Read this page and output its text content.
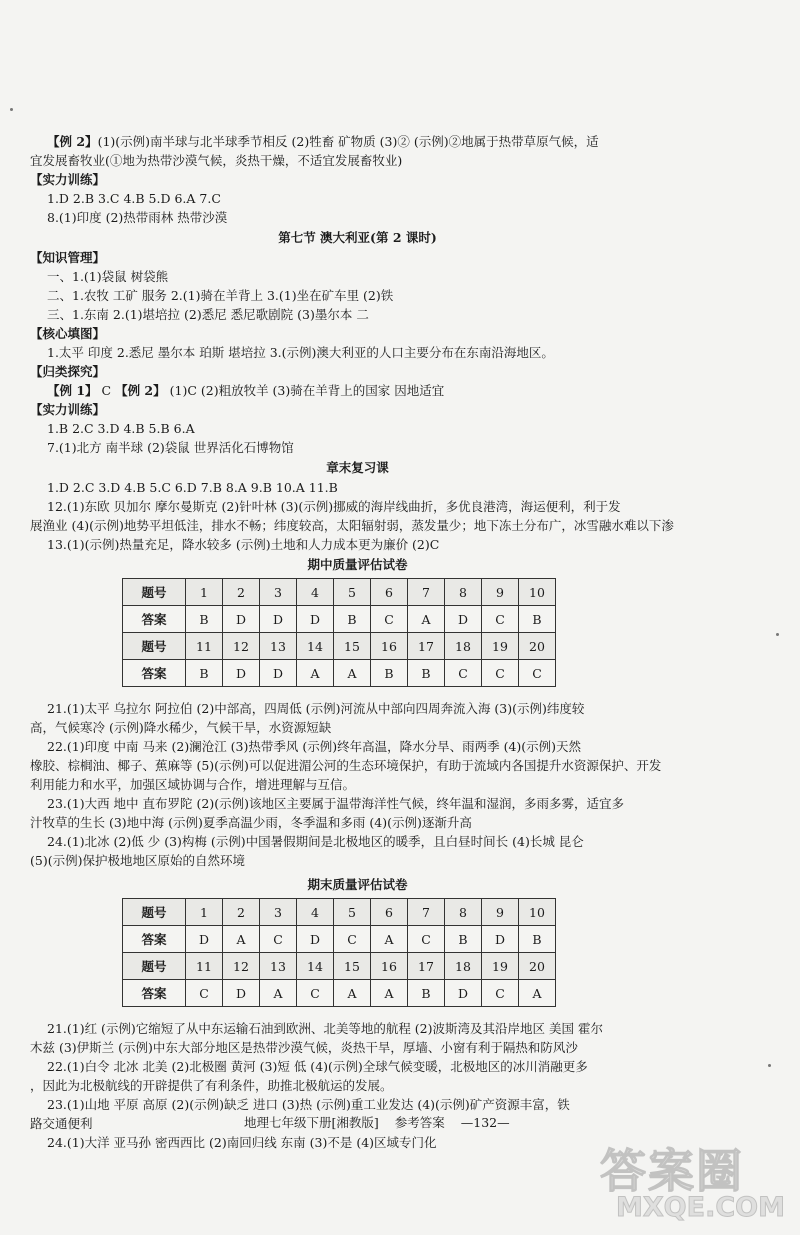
【例 2】(1)(示例)南半球与北半球季节相反 (2)牲畜 矿物质 (3)② (示例)②地属于热带草原气候，适
宜发展畜牧业(①地为热带沙漠气候，炎热干燥，不适宜发展畜牧业)
【实力训练】
1.D 2.B 3.C 4.B 5.D 6.A 7.C
8.(1)印度 (2)热带雨林 热带沙漠
第七节 澳大利亚(第 2 课时)
【知识管理】
一、1.(1)袋鼠 树袋熊
二、1.农牧 工矿 服务 2.(1)骑在羊背上 3.(1)坐在矿车里 (2)铁
三、1.东南 2.(1)堪培拉 (2)悉尼 悉尼歌剧院 (3)墨尔本 二
【核心填图】
1.太平 印度 2.悉尼 墨尔本 珀斯 堪培拉 3.(示例)澳大利亚的人口主要分布在东南沿海地区。
【归类探究】
【例 1】 C 【例 2】 (1)C (2)粗放牧羊 (3)骑在羊背上的国家 因地适宜
【实力训练】
1.B 2.C 3.D 4.B 5.B 6.A
7.(1)北方 南半球 (2)袋鼠 世界活化石博物馆
章末复习课
1.D 2.C 3.D 4.B 5.C 6.D 7.B 8.A 9.B 10.A 11.B
12.(1)东欧 贝加尔 摩尔曼斯克 (2)针叶林 (3)(示例)挪威的海岸线曲折，多优良港湾，海运便利，利于发
展渔业 (4)(示例)地势平坦低洼，排水不畅；纬度较高，太阳辐射弱，蒸发量少；地下冻土分布广，冰雪融水难以下渗
13.(1)(示例)热量充足，降水较多 (示例)土地和人力成本更为廉价 (2)C
期中质量评估试卷
题号	1	2	3	4	5	6	7	8	9	10
答案	B	D	D	D	B	C	A	D	C	B
题号	11	12	13	14	15	16	17	18	19	20
答案	B	D	D	A	A	B	B	C	C	C
21.(1)太平 乌拉尔 阿拉伯 (2)中部高，四周低 (示例)河流从中部向四周奔流入海 (3)(示例)纬度较
高，气候寒冷 (示例)降水稀少，气候干旱，水资源短缺
22.(1)印度 中南 马来 (2)澜沧江 (3)热带季风 (示例)终年高温，降水分旱、雨两季 (4)(示例)天然
橡胶、棕榈油、椰子、蕉麻等 (5)(示例)可以促进湄公河的生态环境保护，有助于流域内各国提升水资源保护、开发
利用能力和水平，加强区域协调与合作，增进理解与互信。
23.(1)大西 地中 直布罗陀 (2)(示例)该地区主要属于温带海洋性气候，终年温和湿润，多雨多雾，适宜多
汁牧草的生长 (3)地中海 (示例)夏季高温少雨，冬季温和多雨 (4)(示例)逐渐升高
24.(1)北冰 (2)低 少 (3)构梅 (示例)中国暑假期间是北极地区的暖季，且白昼时间长 (4)长城 昆仑
(5)(示例)保护极地地区原始的自然环境
期末质量评估试卷
题号	1	2	3	4	5	6	7	8	9	10
答案	D	A	C	D	C	A	C	B	D	B
题号	11	12	13	14	15	16	17	18	19	20
答案	C	D	A	C	A	A	B	D	C	A
21.(1)红 (示例)它缩短了从中东运输石油到欧洲、北美等地的航程 (2)波斯湾及其沿岸地区 美国 霍尔
木兹 (3)伊斯兰 (示例)中东大部分地区是热带沙漠气候，炎热干旱，厚墙、小窗有利于隔热和防风沙
22.(1)白令 北冰 北美 (2)北极圈 黄河 (3)短 低 (4)(示例)全球气候变暖，北极地区的冰川消融更多
，因此为北极航线的开辟提供了有利条件，助推北极航运的发展。
23.(1)山地 平原 高原 (2)(示例)缺乏 进口 (3)热 (示例)重工业发达 (4)(示例)矿产资源丰富，铁
路交通便利
24.(1)大洋 亚马孙 密西西比 (2)南回归线 东南 (3)不是 (4)区域专门化
地理七年级下册[湘教版] 参考答案 —132—
答案圈
MXQE.COM
